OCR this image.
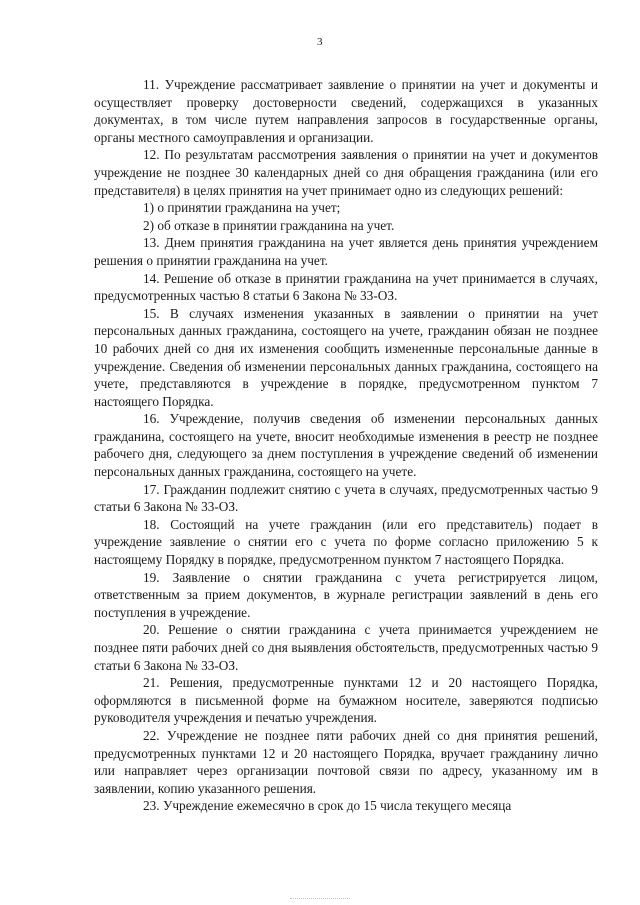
3

11. Учреждение рассматривает заявление о принятии на учет и документы и осуществляет проверку достоверности сведений, содержащихся в указанных документах, в том числе путем направления запросов в государственные органы, органы местного самоуправления и организации.

12. По результатам рассмотрения заявления о принятии на учет и документов учреждение не позднее 30 календарных дней со дня обращения гражданина (или его представителя) в целях принятия на учет принимает одно из следующих решений:

1) о принятии гражданина на учет;

2) об отказе в принятии гражданина на учет.

13. Днем принятия гражданина на учет является день принятия учреждением решения о принятии гражданина на учет.

14. Решение об отказе в принятии гражданина на учет принимается в случаях, предусмотренных частью 8 статьи 6 Закона № 33-ОЗ.

15. В случаях изменения указанных в заявлении о принятии на учет персональных данных гражданина, состоящего на учете, гражданин обязан не позднее 10 рабочих дней со дня их изменения сообщить измененные персональные данные в учреждение. Сведения об изменении персональных данных гражданина, состоящего на учете, представляются в учреждение в порядке, предусмотренном пунктом 7 настоящего Порядка.

16. Учреждение, получив сведения об изменении персональных данных гражданина, состоящего на учете, вносит необходимые изменения в реестр не позднее рабочего дня, следующего за днем поступления в учреждение сведений об изменении персональных данных гражданина, состоящего на учете.

17. Гражданин подлежит снятию с учета в случаях, предусмотренных частью 9 статьи 6 Закона № 33-ОЗ.

18. Состоящий на учете гражданин (или его представитель) подает в учреждение заявление о снятии его с учета по форме согласно приложению 5 к настоящему Порядку в порядке, предусмотренном пунктом 7 настоящего Порядка.

19. Заявление о снятии гражданина с учета регистрируется лицом, ответственным за прием документов, в журнале регистрации заявлений в день его поступления в учреждение.

20. Решение о снятии гражданина с учета принимается учреждением не позднее пяти рабочих дней со дня выявления обстоятельств, предусмотренных частью 9 статьи 6 Закона № 33-ОЗ.

21. Решения, предусмотренные пунктами 12 и 20 настоящего Порядка, оформляются в письменной форме на бумажном носителе, заверяются подписью руководителя учреждения и печатью учреждения.

22. Учреждение не позднее пяти рабочих дней со дня принятия решений, предусмотренных пунктами 12 и 20 настоящего Порядка, вручает гражданину лично или направляет через организации почтовой связи по адресу, указанному им в заявлении, копию указанного решения.

23. Учреждение ежемесячно в срок до 15 числа текущего месяца
